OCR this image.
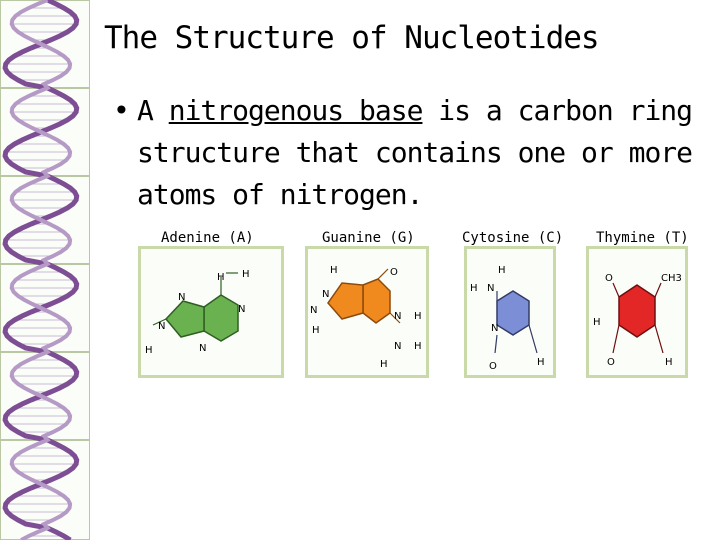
The Structure of Nucleotides
• A nitrogenous base is a carbon ring structure that contains one or more atoms of nitrogen.
Adenine (A)	Guanine (G)	Cytosine (C) Thymine (T)
H H
N
N
N
N
H
H	O
N
N
N
H
H
N H
H
H
H N
N
O	H
O	CH3
H
O	H
